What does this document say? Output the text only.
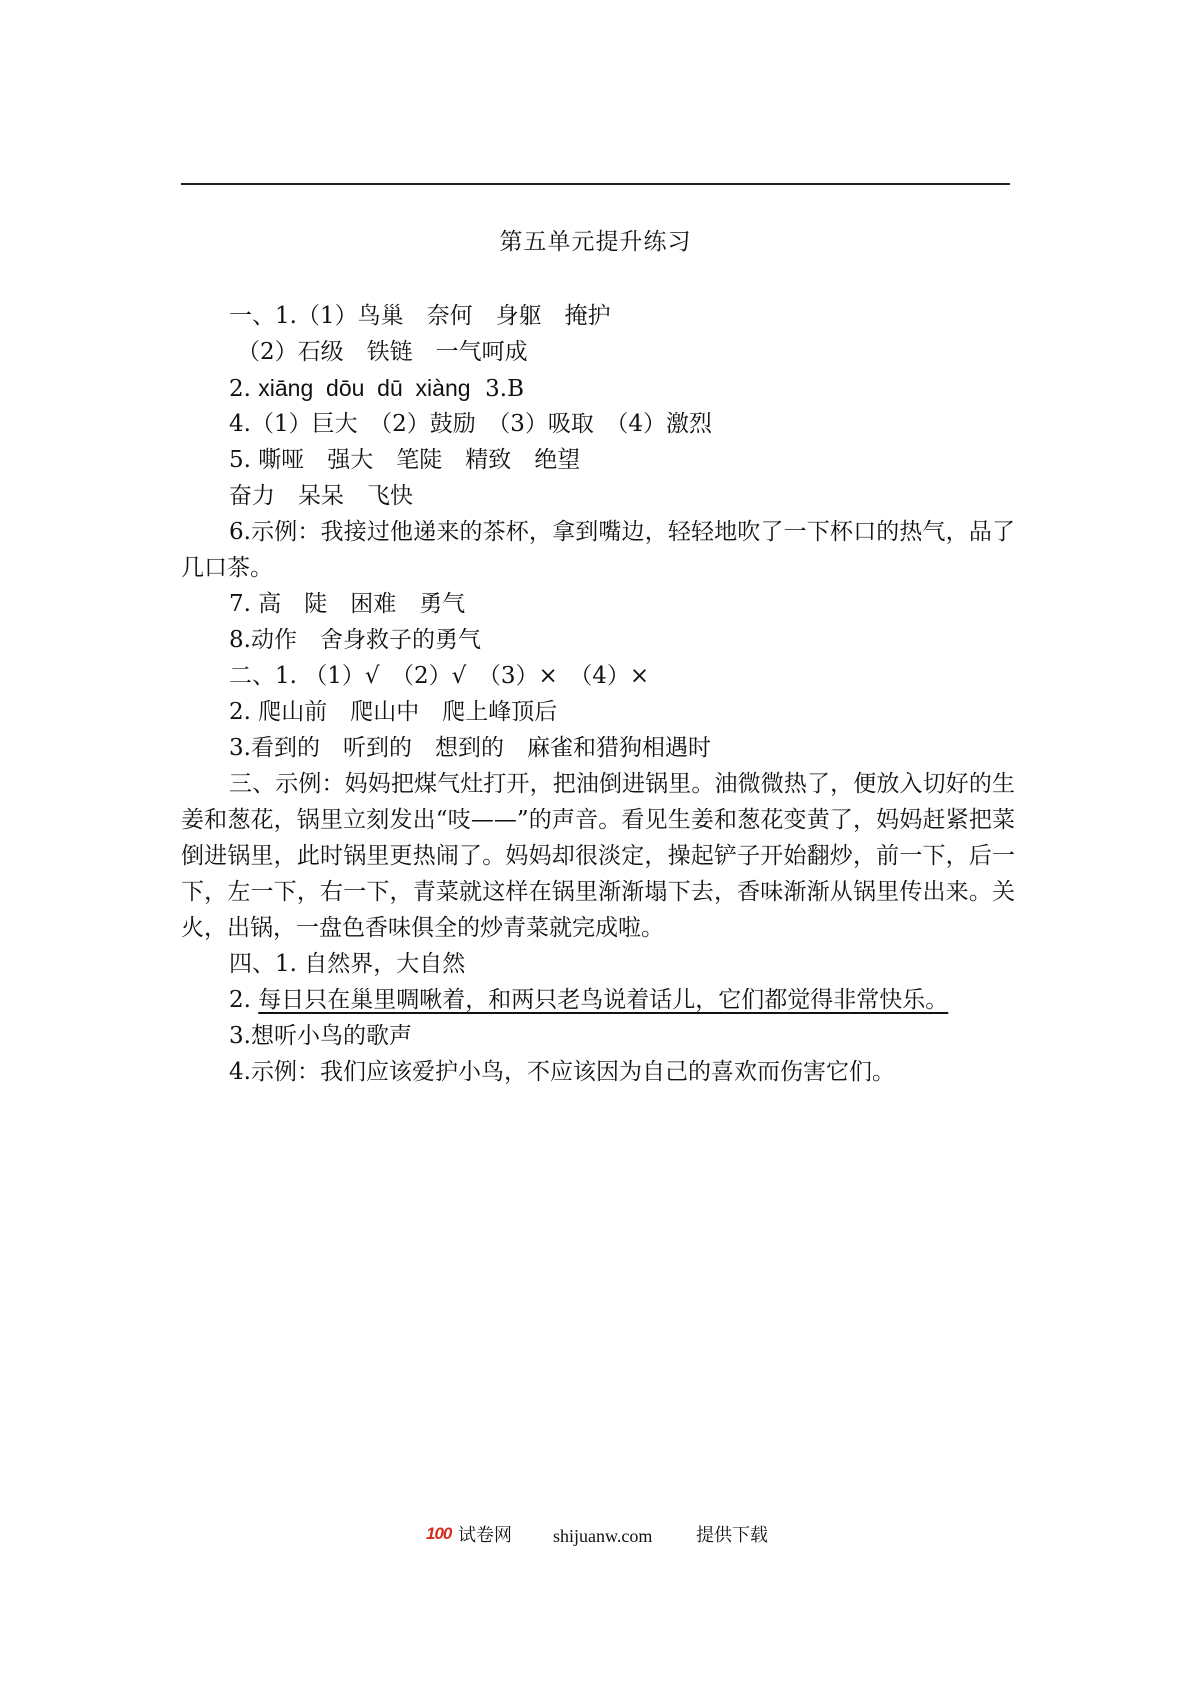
第五单元提升练习
一、1.（1）鸟巢　奈何　身躯　掩护
（2）石级　铁链　一气呵成
2. xiāng  dōu  dū  xiàng  3.B
4.（1）巨大　（2）鼓励　（3）吸取　（4）激烈
5. 嘶哑　强大　笔陡　精致　绝望
奋力　呆呆　飞快
6.示例：我接过他递来的茶杯，拿到嘴边，轻轻地吹了一下杯口的热气，品了几口茶。
7. 高　陡　困难　勇气
8.动作　舍身救子的勇气
二、1. （1）√　（2）√　（3）×　（4）×
2. 爬山前　爬山中　爬上峰顶后
3.看到的　听到的　想到的　麻雀和猎狗相遇时
三、示例：妈妈把煤气灶打开，把油倒进锅里。油微微热了，便放入切好的生姜和葱花，锅里立刻发出“吱——”的声音。看见生姜和葱花变黄了，妈妈赶紧把菜倒进锅里，此时锅里更热闹了。妈妈却很淡定，操起铲子开始翻炒，前一下，后一下，左一下，右一下，青菜就这样在锅里渐渐塌下去，香味渐渐从锅里传出来。关火，出锅，一盘色香味俱全的炒青菜就完成啦。
四、1. 自然界，大自然
2. 每日只在巢里啁啾着，和两只老鸟说着话儿，它们都觉得非常快乐。
3.想听小鸟的歌声
4.示例：我们应该爱护小鸟，不应该因为自己的喜欢而伤害它们。
100 试卷网 shijuanw.com 提供下载
